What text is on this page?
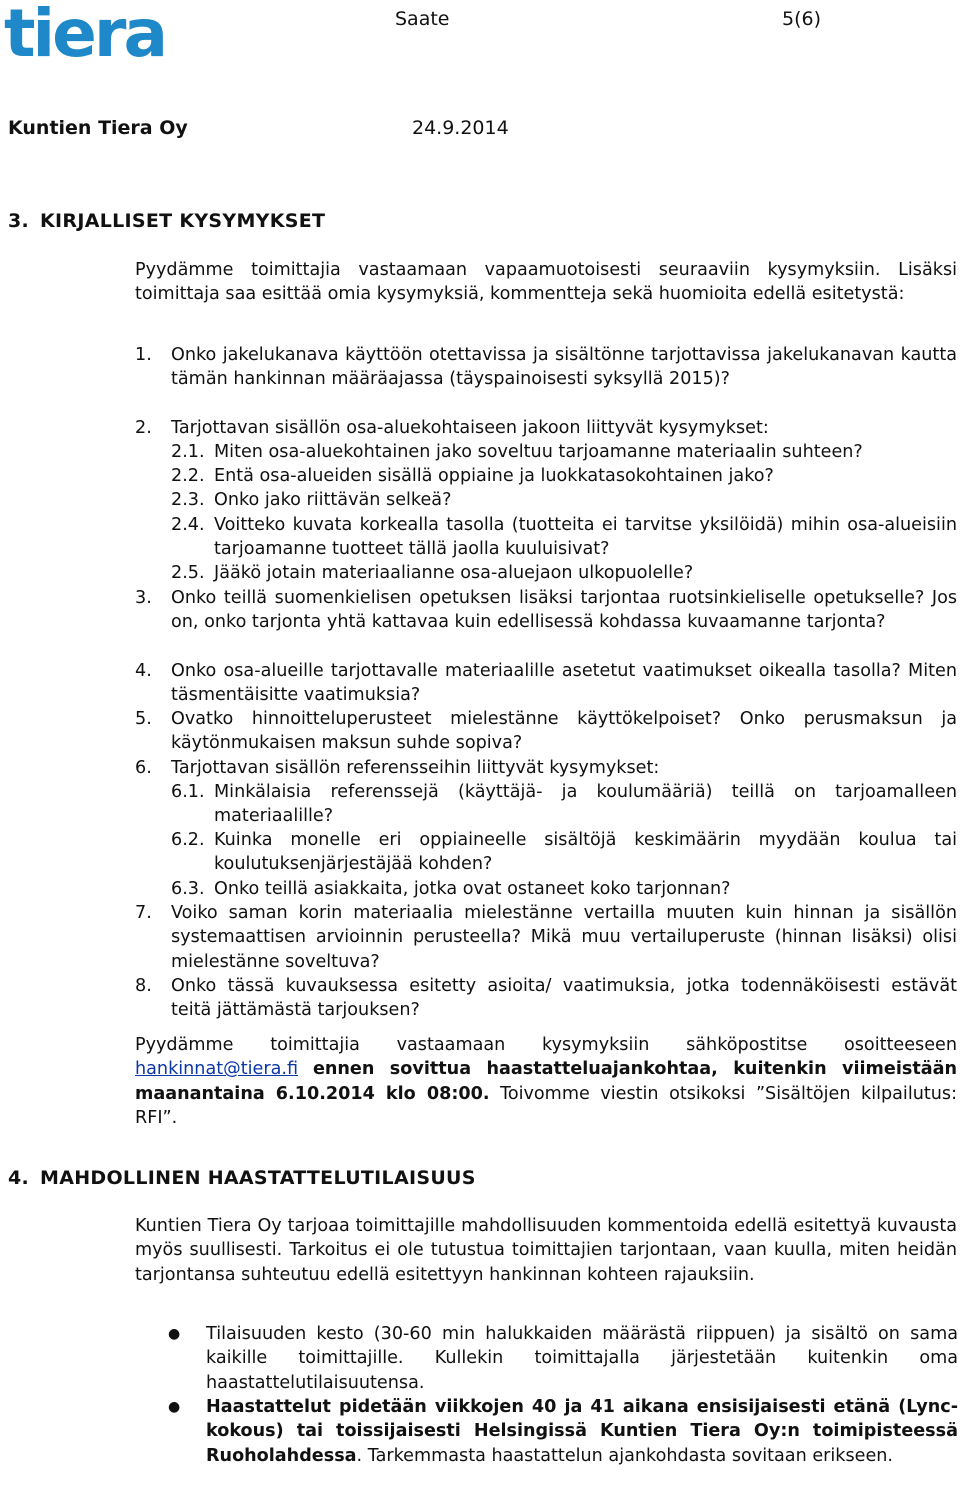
tiera	Saate	5(6)
Kuntien Tiera Oy	24.9.2014
3. KIRJALLISET KYSYMYKSET

Pyydämme toimittajia vastaamaan vapaamuotoisesti seuraaviin kysymyksiin. Lisäksi toimittaja saa esittää omia kysymyksiä, kommentteja sekä huomioita edellä esitetystä:

1. Onko jakelukanava käyttöön otettavissa ja sisältönne tarjottavissa jakelukanavan kautta tämän hankinnan määräajassa (täyspainoisesti syksyllä 2015)?
2. Tarjottavan sisällön osa-aluekohtaiseen jakoon liittyvät kysymykset:
2.1. Miten osa-aluekohtainen jako soveltuu tarjoamanne materiaalin suhteen?
2.2. Entä osa-alueiden sisällä oppiaine ja luokkatasokohtainen jako?
2.3. Onko jako riittävän selkeä?
2.4. Voitteko kuvata korkealla tasolla (tuotteita ei tarvitse yksilöidä) mihin osa-alueisiin tarjoamanne tuotteet tällä jaolla kuuluisivat?
2.5. Jääkö jotain materiaalianne osa-aluejaon ulkopuolelle?
3. Onko teillä suomenkielisen opetuksen lisäksi tarjontaa ruotsinkieliselle opetukselle? Jos on, onko tarjonta yhtä kattavaa kuin edellisessä kohdassa kuvaamanne tarjonta?
4. Onko osa-alueille tarjottavalle materiaalille asetetut vaatimukset oikealla tasolla? Miten täsmentäisitte vaatimuksia?
5. Ovatko hinnoitteluperusteet mielestänne käyttökelpoiset? Onko perusmaksun ja käytönmukaisen maksun suhde sopiva?
6. Tarjottavan sisällön referensseihin liittyvät kysymykset:
6.1. Minkälaisia referenssejä (käyttäjä- ja koulumääriä) teillä on tarjoamalleen materiaalille?
6.2. Kuinka monelle eri oppiaineelle sisältöjä keskimäärin myydään koulua tai koulutuksenjärjestäjää kohden?
6.3. Onko teillä asiakkaita, jotka ovat ostaneet koko tarjonnan?
7. Voiko saman korin materiaalia mielestänne vertailla muuten kuin hinnan ja sisällön systemaattisen arvioinnin perusteella? Mikä muu vertailuperuste (hinnan lisäksi) olisi mielestänne soveltuva?
8. Onko tässä kuvauksessa esitetty asioita/ vaatimuksia, jotka todennäköisesti estävät teitä jättämästä tarjouksen?

Pyydämme toimittajia vastaamaan kysymyksiin sähköpostitse osoitteeseen hankinnat@tiera.fi ennen sovittua haastatteluajankohtaa, kuitenkin viimeistään maanantaina 6.10.2014 klo 08:00. Toivomme viestin otsikoksi ”Sisältöjen kilpailutus: RFI”.

4. MAHDOLLINEN HAASTATTELUTILAISUUS

Kuntien Tiera Oy tarjoaa toimittajille mahdollisuuden kommentoida edellä esitettyä kuvausta myös suullisesti. Tarkoitus ei ole tutustua toimittajien tarjontaan, vaan kuulla, miten heidän tarjontansa suhteutuu edellä esitettyyn hankinnan kohteen rajauksiin.

● Tilaisuuden kesto (30-60 min halukkaiden määrästä riippuen) ja sisältö on sama kaikille toimittajille. Kullekin toimittajalla järjestetään kuitenkin oma haastattelutilaisuutensa.
● Haastattelut pidetään viikkojen 40 ja 41 aikana ensisijaisesti etänä (Lync-kokous) tai toissijaisesti Helsingissä Kuntien Tiera Oy:n toimipisteessä Ruoholahdessa. Tarkemmasta haastattelun ajankohdasta sovitaan erikseen.
